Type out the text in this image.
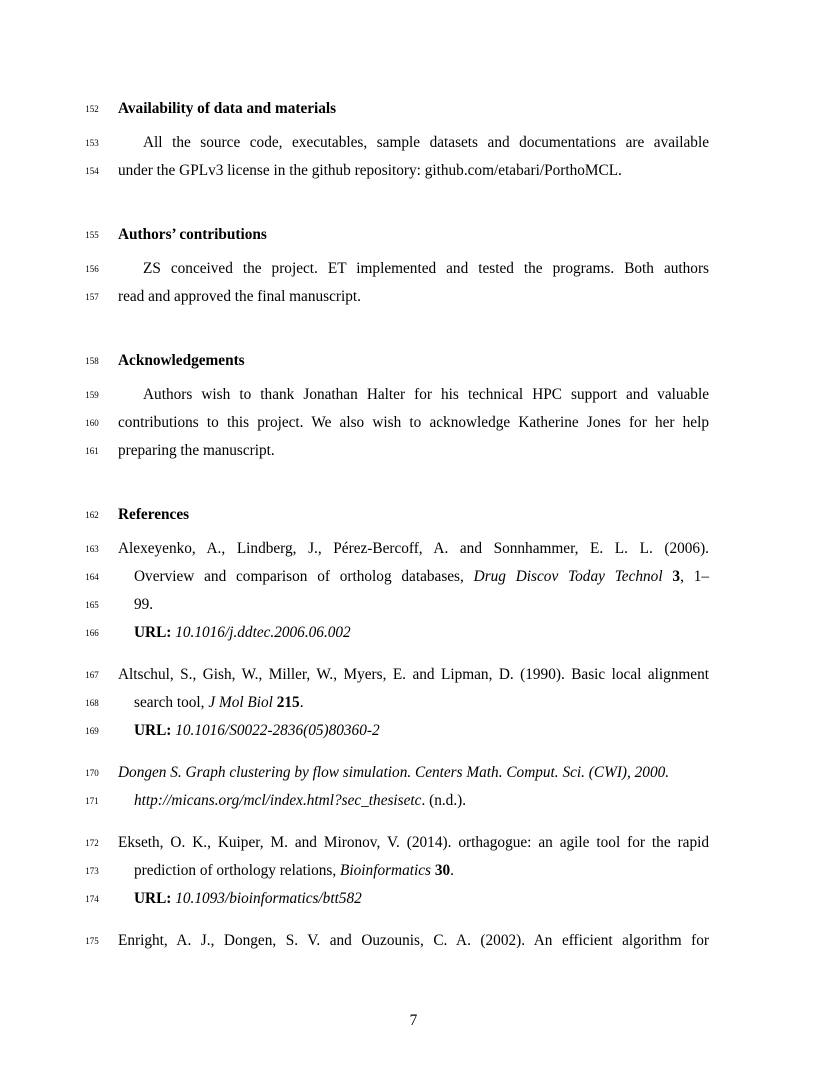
152
153
154
155
156
157
158
159
160
161
162
163
164
165
166
167
168
169
170
171
172
173
174
175
Availability of data and materials
All the source code, executables, sample datasets and documentations are available
under the GPLv3 license in the github repository: github.com/etabari/PorthoMCL.
Authors’ contributions
ZS conceived the project. ET implemented and tested the programs. Both authors
read and approved the final manuscript.
Acknowledgements
Authors wish to thank Jonathan Halter for his technical HPC support and valuable
contributions to this project. We also wish to acknowledge Katherine Jones for her help
preparing the manuscript.
References
Alexeyenko, A., Lindberg, J., Pérez-Bercoff, A. and Sonnhammer, E. L. L. (2006).
Overview and comparison of ortholog databases, Drug Discov Today Technol 3, 1–
99.
URL: 10.1016/j.ddtec.2006.06.002
Altschul, S., Gish, W., Miller, W., Myers, E. and Lipman, D. (1990). Basic local alignment
search tool, J Mol Biol 215.
URL: 10.1016/S0022-2836(05)80360-2
Dongen S. Graph clustering by flow simulation. Centers Math. Comput. Sci. (CWI), 2000.
http://micans.org/mcl/index.html?sec_thesisetc. (n.d.).
Ekseth, O. K., Kuiper, M. and Mironov, V. (2014). orthagogue: an agile tool for the rapid
prediction of orthology relations, Bioinformatics 30.
URL: 10.1093/bioinformatics/btt582
Enright, A. J., Dongen, S. V. and Ouzounis, C. A. (2002). An efficient algorithm for
7
